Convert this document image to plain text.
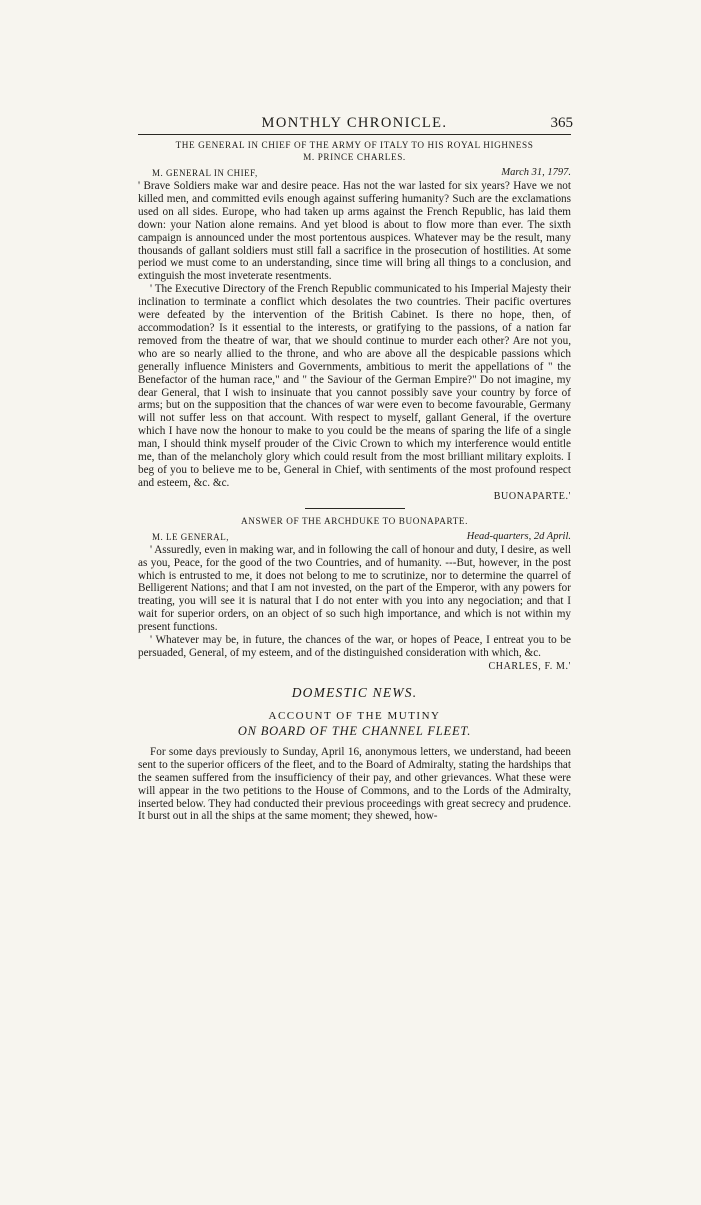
MONTHLY CHRONICLE.	365
THE GENERAL IN CHIEF OF THE ARMY OF ITALY TO HIS ROYAL HIGHNESS
M. PRINCE CHARLES.
M. GENERAL IN CHIEF,	March 31, 1797.

' Brave Soldiers make war and desire peace. Has not the war lasted for six years? Have we not killed men, and committed evils enough against suffering humanity? Such are the exclamations used on all sides. Europe, who had taken up arms against the French Republic, has laid them down: your Nation alone remains. And yet blood is about to flow more than ever. The sixth campaign is announced under the most portentous auspices. Whatever may be the result, many thousands of gallant soldiers must still fall a sacrifice in the prosecution of hostilities. At some period we must come to an understanding, since time will bring all things to a conclusion, and extinguish the most inveterate resentments.

' The Executive Directory of the French Republic communicated to his Imperial Majesty their inclination to terminate a conflict which desolates the two countries. Their pacific overtures were defeated by the intervention of the British Cabinet. Is there no hope, then, of accommodation? Is it essential to the interests, or gratifying to the passions, of a nation far removed from the theatre of war, that we should continue to murder each other? Are not you, who are so nearly allied to the throne, and who are above all the despicable passions which generally influence Ministers and Governments, ambitious to merit the appellations of " the Benefactor of the human race," and " the Saviour of the German Empire?" Do not imagine, my dear General, that I wish to insinuate that you cannot possibly save your country by force of arms; but on the supposition that the chances of war were even to become favourable, Germany will not suffer less on that account. With respect to myself, gallant General, if the overture which I have now the honour to make to you could be the means of sparing the life of a single man, I should think myself prouder of the Civic Crown to which my interference would entitle me, than of the melancholy glory which could result from the most brilliant military exploits. I beg of you to believe me to be, General in Chief, with sentiments of the most profound respect and esteem, &c. &c.

BUONAPARTE.'
ANSWER OF THE ARCHDUKE TO BUONAPARTE.
M. LE GENERAL,	Head-quarters, 2d April.

' Assuredly, even in making war, and in following the call of honour and duty, I desire, as well as you, Peace, for the good of the two Countries, and of humanity. ---But, however, in the post which is entrusted to me, it does not belong to me to scrutinize, nor to determine the quarrel of Belligerent Nations; and that I am not invested, on the part of the Emperor, with any powers for treating, you will see it is natural that I do not enter with you into any negociation; and that I wait for superior orders, on an object of so such high importance, and which is not within my present functions.

' Whatever may be, in future, the chances of the war, or hopes of Peace, I entreat you to be persuaded, General, of my esteem, and of the distinguished consideration with which, &c.

CHARLES, F. M.'
DOMESTIC NEWS.
ACCOUNT OF THE MUTINY
ON BOARD OF THE CHANNEL FLEET.

For some days previously to Sunday, April 16, anonymous letters, we understand, had beeen sent to the superior officers of the fleet, and to the Board of Admiralty, stating the hardships that the seamen suffered from the insufficiency of their pay, and other grievances. What these were will appear in the two petitions to the House of Commons, and to the Lords of the Admiralty, inserted below. They had conducted their previous proceedings with great secrecy and prudence. It burst out in all the ships at the same moment; they shewed, how-
